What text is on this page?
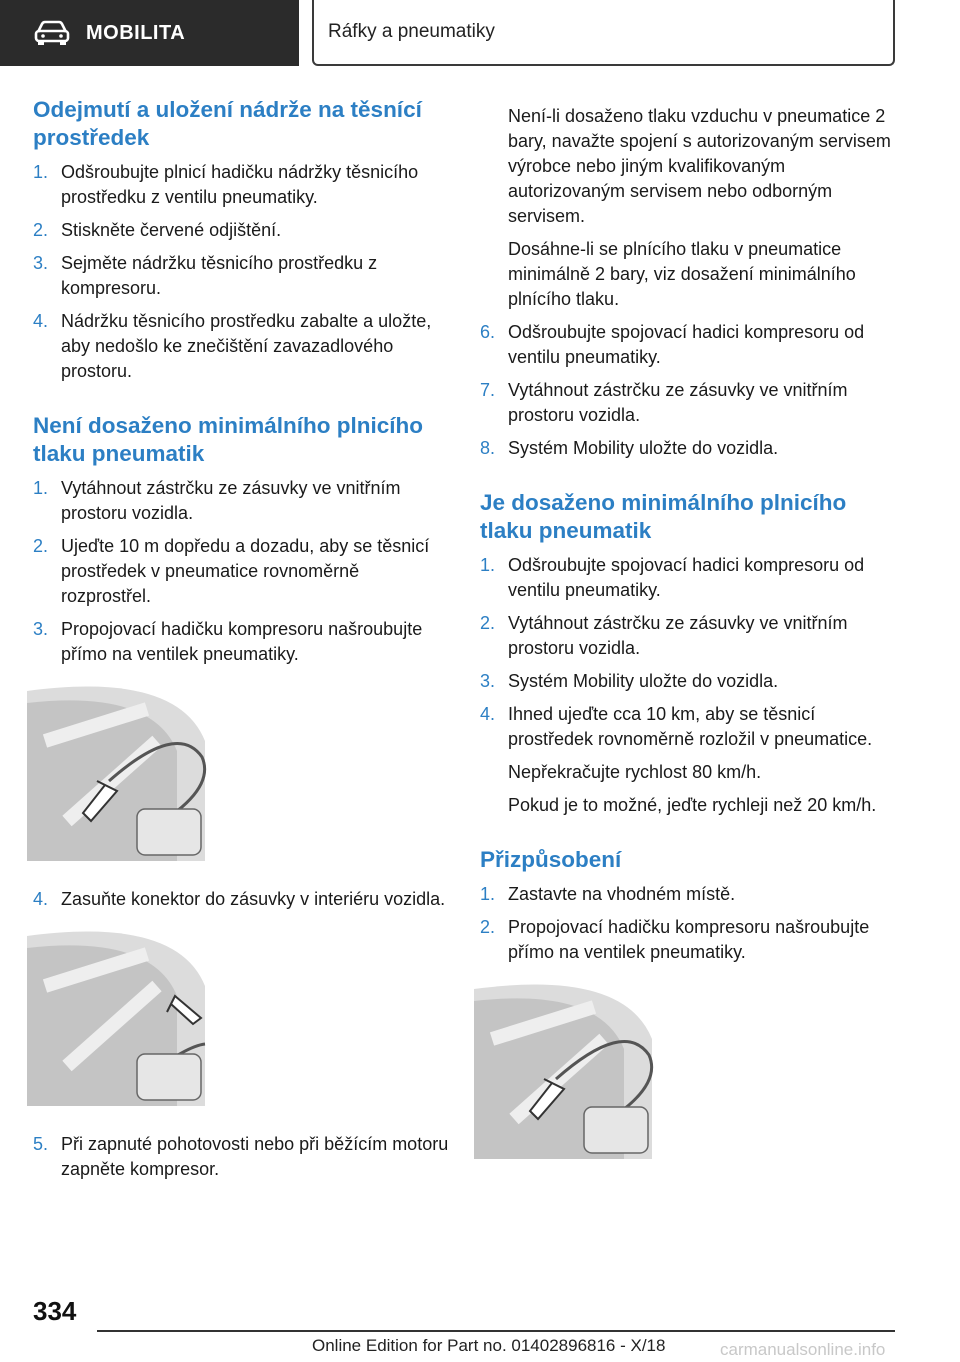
MOBILITA	Ráfky a pneumatiky
Odejmutí a uložení nádrže na těsnící prostředek
1. Odšroubujte plnicí hadičku nádržky těsnicího prostředku z ventilu pneumatiky.
2. Stiskněte červené odjištění.
3. Sejměte nádržku těsnicího prostředku z kompresoru.
4. Nádržku těsnicího prostředku zabalte a uložte, aby nedošlo ke znečištění zavazadlového prostoru.
Není dosaženo minimálního plnicího tlaku pneumatik
1. Vytáhnout zástrčku ze zásuvky ve vnitřním prostoru vozidla.
2. Ujeďte 10 m dopředu a dozadu, aby se těsnicí prostředek v pneumatice rovnoměrně rozprostřel.
3. Propojovací hadičku kompresoru našroubujte přímo na ventilek pneumatiky.
4. Zasuňte konektor do zásuvky v interiéru vozidla.
5. Při zapnuté pohotovosti nebo při běžícím motoru zapněte kompresor.

Není-li dosaženo tlaku vzduchu v pneumatice 2 bary, navažte spojení s autorizovaným servisem výrobce nebo jiným kvalifikovaným autorizovaným servisem nebo odborným servisem.

Dosáhne-li se plnícího tlaku v pneumatice minimálně 2 bary, viz dosažení minimálního plnícího tlaku.

6. Odšroubujte spojovací hadici kompresoru od ventilu pneumatiky.
7. Vytáhnout zástrčku ze zásuvky ve vnitřním prostoru vozidla.
8. Systém Mobility uložte do vozidla.
Je dosaženo minimálního plnicího tlaku pneumatik
1. Odšroubujte spojovací hadici kompresoru od ventilu pneumatiky.
2. Vytáhnout zástrčku ze zásuvky ve vnitřním prostoru vozidla.
3. Systém Mobility uložte do vozidla.
4. Ihned ujeďte cca 10 km, aby se těsnicí prostředek rovnoměrně rozložil v pneumatice.

Nepřekračujte rychlost 80 km/h.

Pokud je to možné, jeďte rychleji než 20 km/h.

Přizpůsobení
1. Zastavte na vhodném místě.
2. Propojovací hadičku kompresoru našroubujte přímo na ventilek pneumatiky.
334
Online Edition for Part no. 01402896816 - X/18	carmanualsonline.info
